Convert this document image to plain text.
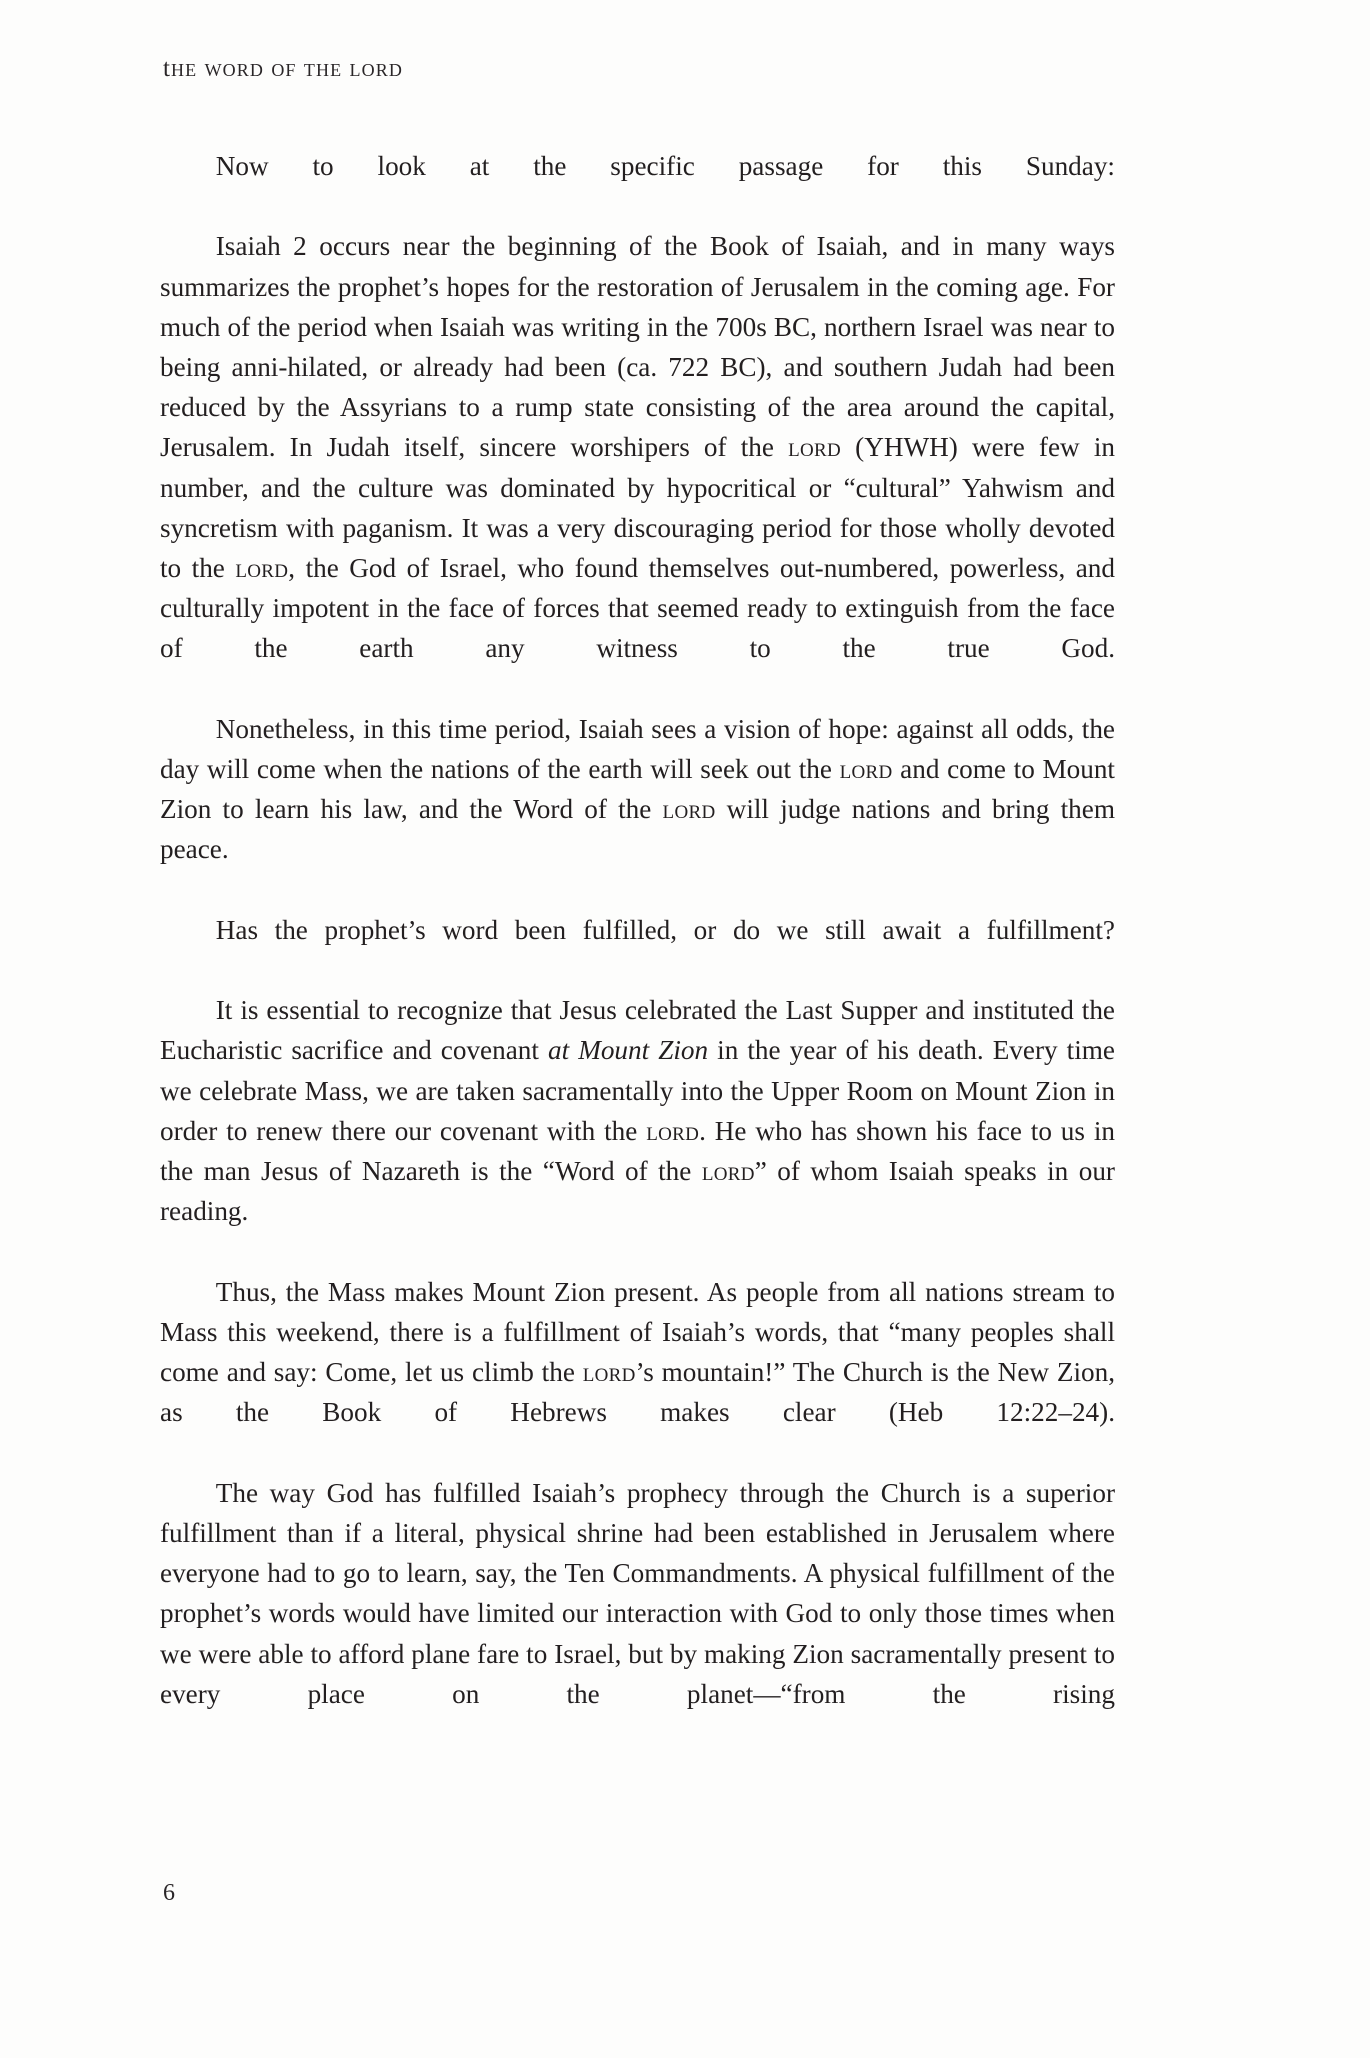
the word of the lord

Now to look at the specific passage for this Sunday:

Isaiah 2 occurs near the beginning of the Book of Isaiah, and in many ways summarizes the prophet’s hopes for the restoration of Jerusalem in the coming age. For much of the period when Isaiah was writing in the 700s BC, northern Israel was near to being anni-hilated, or already had been (ca. 722 BC), and southern Judah had been reduced by the Assyrians to a rump state consisting of the area around the capital, Jerusalem. In Judah itself, sincere worshipers of the lord (YHWH) were few in number, and the culture was dominated by hypocritical or “cultural” Yahwism and syncretism with paganism. It was a very discouraging period for those wholly devoted to the lord, the God of Israel, who found themselves out-numbered, powerless, and culturally impotent in the face of forces that seemed ready to extinguish from the face of the earth any witness to the true God.

Nonetheless, in this time period, Isaiah sees a vision of hope: against all odds, the day will come when the nations of the earth will seek out the lord and come to Mount Zion to learn his law, and the Word of the lord will judge nations and bring them peace.

Has the prophet’s word been fulfilled, or do we still await a fulfillment?

It is essential to recognize that Jesus celebrated the Last Supper and instituted the Eucharistic sacrifice and covenant at Mount Zion in the year of his death. Every time we celebrate Mass, we are taken sacramentally into the Upper Room on Mount Zion in order to renew there our covenant with the lord. He who has shown his face to us in the man Jesus of Nazareth is the “Word of the lord” of whom Isaiah speaks in our reading.

Thus, the Mass makes Mount Zion present. As people from all nations stream to Mass this weekend, there is a fulfillment of Isaiah’s words, that “many peoples shall come and say: Come, let us climb the lord’s mountain!” The Church is the New Zion, as the Book of Hebrews makes clear (Heb 12:22–24).

The way God has fulfilled Isaiah’s prophecy through the Church is a superior fulfillment than if a literal, physical shrine had been established in Jerusalem where everyone had to go to learn, say, the Ten Commandments. A physical fulfillment of the prophet’s words would have limited our interaction with God to only those times when we were able to afford plane fare to Israel, but by making Zion sacramentally present to every place on the planet—“from the rising

6
